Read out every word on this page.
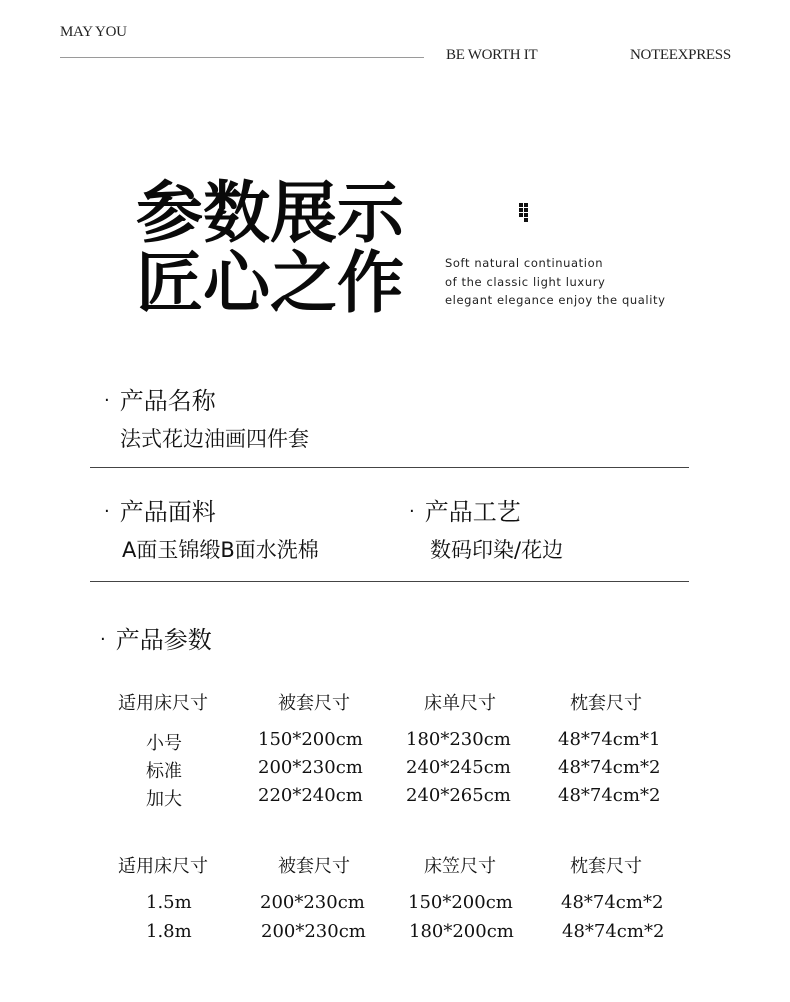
MAY YOU
BE WORTH IT	NOTEEXPRESS
参数展示
匠心之作	Soft natural continuation
of the classic light luxury
elegant elegance enjoy the quality
· 产品名称
法式花边油画四件套
· 产品面料
A面玉锦缎B面水洗棉
· 产品工艺
数码印染/花边
· 产品参数
适用床尺寸	被套尺寸	床单尺寸	枕套尺寸
小号	150*200cm 180*230cm	48*74cm*1
标准	200*230cm 240*245cm	48*74cm*2
加大	220*240cm 240*265cm	48*74cm*2
适用床尺寸	被套尺寸	床笠尺寸	枕套尺寸
1.5m	200*230cm 150*200cm	48*74cm*2
1.8m	200*230cm 180*200cm	48*74cm*2
